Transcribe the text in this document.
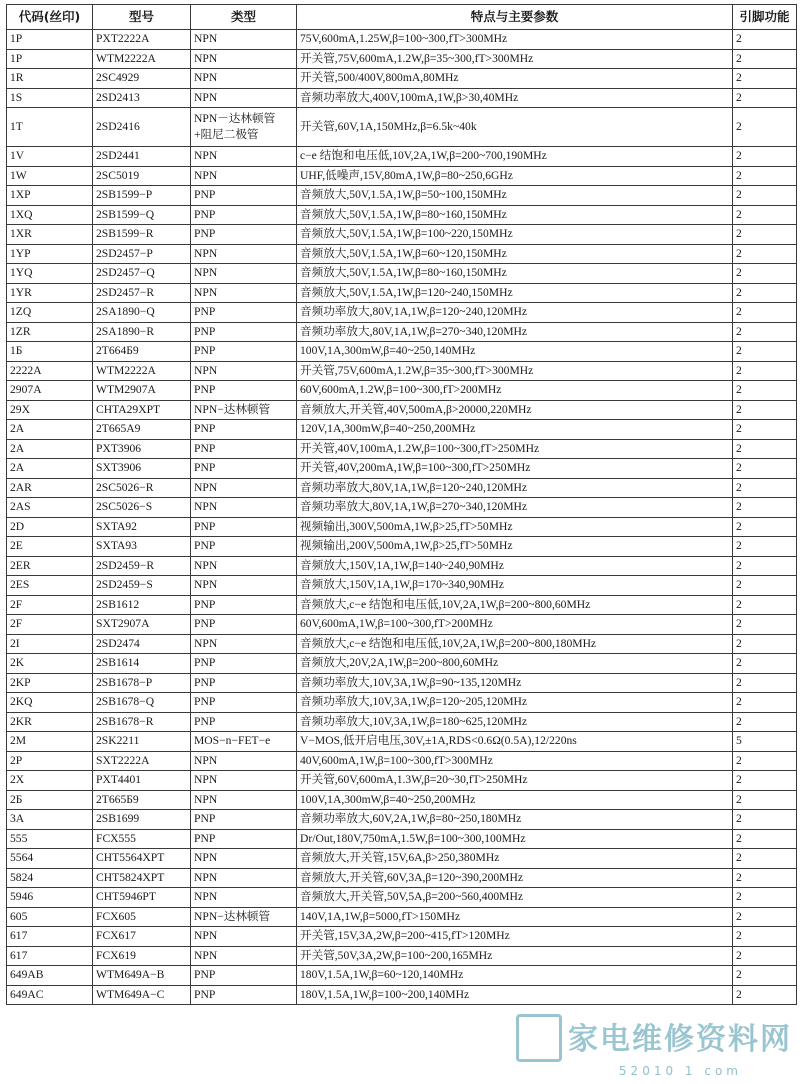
代码(丝印)	型号	类型	特点与主要参数	引脚功能
1P	PXT2222A	NPN	75V,600mA,1.25W,β=100~300,fT>300MHz	2
1P	WTM2222A	NPN	开关管,75V,600mA,1.2W,β=35~300,fT>300MHz	2
1R	2SC4929	NPN	开关管,500/400V,800mA,80MHz	2
1S	2SD2413	NPN	音频功率放大,400V,100mA,1W,β>30,40MHz	2
1T	2SD2416	NPN－达林顿管+阻尼二极管	开关管,60V,1A,150MHz,β=6.5k~40k	2
1V	2SD2441	NPN	c−e 结饱和电压低,10V,2A,1W,β=200~700,190MHz	2
1W	2SC5019	NPN	UHF,低噪声,15V,80mA,1W,β=80~250,6GHz	2
1XP	2SB1599−P	PNP	音频放大,50V,1.5A,1W,β=50~100,150MHz	2
1XQ	2SB1599−Q	PNP	音频放大,50V,1.5A,1W,β=80~160,150MHz	2
1XR	2SB1599−R	PNP	音频放大,50V,1.5A,1W,β=100~220,150MHz	2
1YP	2SD2457−P	NPN	音频放大,50V,1.5A,1W,β=60~120,150MHz	2
1YQ	2SD2457−Q	NPN	音频放大,50V,1.5A,1W,β=80~160,150MHz	2
1YR	2SD2457−R	NPN	音频放大,50V,1.5A,1W,β=120~240,150MHz	2
1ZQ	2SA1890−Q	PNP	音频功率放大,80V,1A,1W,β=120~240,120MHz	2
1ZR	2SA1890−R	PNP	音频功率放大,80V,1A,1W,β=270~340,120MHz	2
1Б	2T664Б9	PNP	100V,1A,300mW,β=40~250,140MHz	2
2222A	WTM2222A	NPN	开关管,75V,600mA,1.2W,β=35~300,fT>300MHz	2
2907A	WTM2907A	PNP	60V,600mA,1.2W,β=100~300,fT>200MHz	2
29X	CHTA29XPT	NPN−达林顿管	音频放大,开关管,40V,500mA,β>20000,220MHz	2
2A	2T665A9	PNP	120V,1A,300mW,β=40~250,200MHz	2
2A	PXT3906	PNP	开关管,40V,100mA,1.2W,β=100~300,fT>250MHz	2
2A	SXT3906	PNP	开关管,40V,200mA,1W,β=100~300,fT>250MHz	2
2AR	2SC5026−R	NPN	音频功率放大,80V,1A,1W,β=120~240,120MHz	2
2AS	2SC5026−S	NPN	音频功率放大,80V,1A,1W,β=270~340,120MHz	2
2D	SXTA92	PNP	视频输出,300V,500mA,1W,β>25,fT>50MHz	2
2E	SXTA93	PNP	视频输出,200V,500mA,1W,β>25,fT>50MHz	2
2ER	2SD2459−R	NPN	音频放大,150V,1A,1W,β=140~240,90MHz	2
2ES	2SD2459−S	NPN	音频放大,150V,1A,1W,β=170~340,90MHz	2
2F	2SB1612	PNP	音频放大,c−e 结饱和电压低,10V,2A,1W,β=200~800,60MHz	2
2F	SXT2907A	PNP	60V,600mA,1W,β=100~300,fT>200MHz	2
2I	2SD2474	NPN	音频放大,c−e 结饱和电压低,10V,2A,1W,β=200~800,180MHz	2
2K	2SB1614	PNP	音频放大,20V,2A,1W,β=200~800,60MHz	2
2KP	2SB1678−P	PNP	音频功率放大,10V,3A,1W,β=90~135,120MHz	2
2KQ	2SB1678−Q	PNP	音频功率放大,10V,3A,1W,β=120~205,120MHz	2
2KR	2SB1678−R	PNP	音频功率放大,10V,3A,1W,β=180~625,120MHz	2
2M	2SK2211	MOS−n−FET−e	V−MOS,低开启电压,30V,±1A,RDS<0.6Ω(0.5A),12/220ns	5
2P	SXT2222A	NPN	40V,600mA,1W,β=100~300,fT>300MHz	2
2X	PXT4401	NPN	开关管,60V,600mA,1.3W,β=20~30,fT>250MHz	2
2Б	2T665Б9	NPN	100V,1A,300mW,β=40~250,200MHz	2
3A	2SB1699	PNP	音频功率放大,60V,2A,1W,β=80~250,180MHz	2
555	FCX555	PNP	Dr/Out,180V,750mA,1.5W,β=100~300,100MHz	2
5564	CHT5564XPT	NPN	音频放大,开关管,15V,6A,β>250,380MHz	2
5824	CHT5824XPT	NPN	音频放大,开关管,60V,3A,β=120~390,200MHz	2
5946	CHT5946PT	NPN	音频放大,开关管,50V,5A,β=200~560,400MHz	2
605	FCX605	NPN−达林顿管	140V,1A,1W,β=5000,fT>150MHz	2
617	FCX617	NPN	开关管,15V,3A,2W,β=200~415,fT>120MHz	2
617	FCX619	NPN	开关管,50V,3A,2W,β=100~200,165MHz	2
649AB	WTM649A−B	PNP	180V,1.5A,1W,β=60~120,140MHz	2
649AC	WTM649A−C	PNP	180V,1.5A,1W,β=100~200,140MHz	2
家电维修资料网
52010 1 com
